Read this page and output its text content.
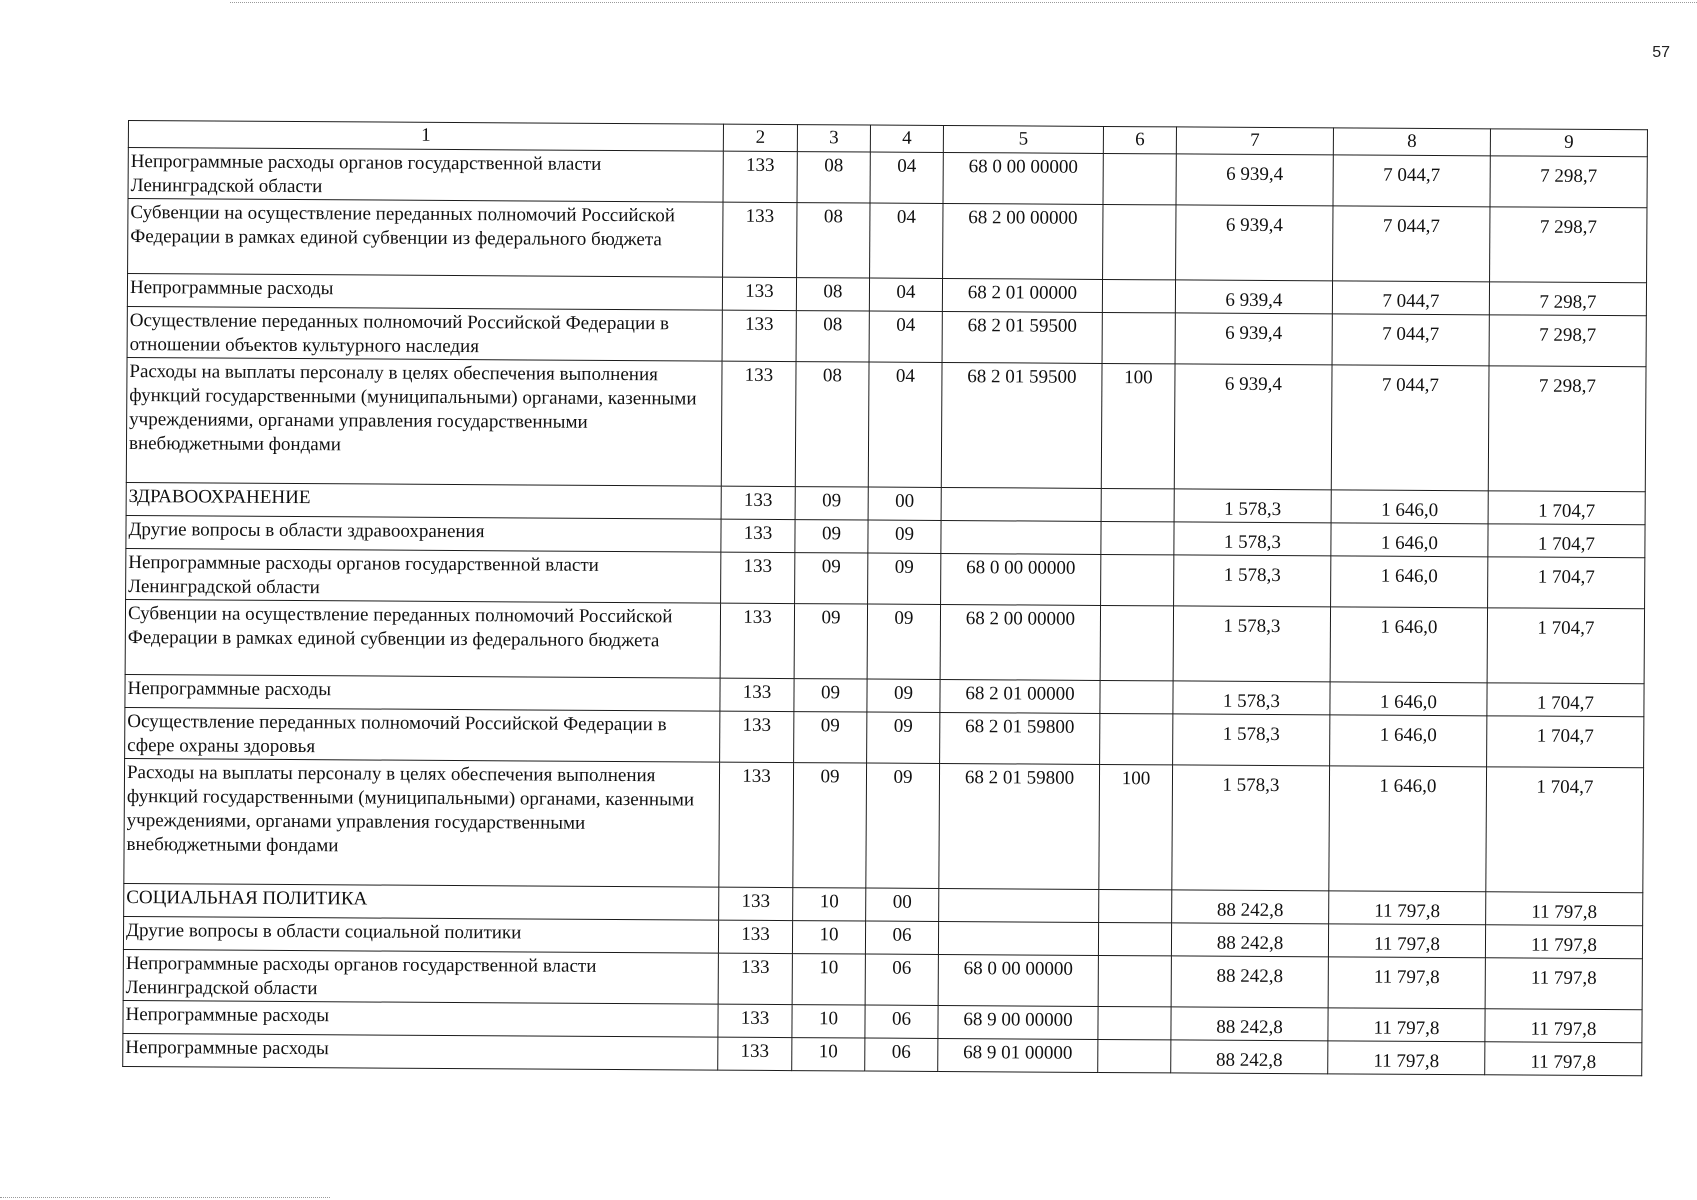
57
1	2	3	4	5	6	7	8	9
Непрограммные расходы органов государственной власти Ленинградской области	133	08	04	68 0 00 00000		6 939,4	7 044,7	7 298,7
Субвенции на осуществление переданных полномочий Российской Федерации в рамках единой субвенции из федерального бюджета	133	08	04	68 2 00 00000		6 939,4	7 044,7	7 298,7
Непрограммные расходы	133	08	04	68 2 01 00000		6 939,4	7 044,7	7 298,7
Осуществление переданных полномочий Российской Федерации в отношении объектов культурного наследия	133	08	04	68 2 01 59500		6 939,4	7 044,7	7 298,7
Расходы на выплаты персоналу в целях обеспечения выполнения функций государственными (муниципальными) органами, казенными учреждениями, органами управления государственными внебюджетными фондами	133	08	04	68 2 01 59500	100	6 939,4	7 044,7	7 298,7
ЗДРАВООХРАНЕНИЕ	133	09	00			1 578,3	1 646,0	1 704,7
Другие вопросы в области здравоохранения	133	09	09			1 578,3	1 646,0	1 704,7
Непрограммные расходы органов государственной власти Ленинградской области	133	09	09	68 0 00 00000		1 578,3	1 646,0	1 704,7
Субвенции на осуществление переданных полномочий Российской Федерации в рамках единой субвенции из федерального бюджета	133	09	09	68 2 00 00000		1 578,3	1 646,0	1 704,7
Непрограммные расходы	133	09	09	68 2 01 00000		1 578,3	1 646,0	1 704,7
Осуществление переданных полномочий Российской Федерации в сфере охраны здоровья	133	09	09	68 2 01 59800		1 578,3	1 646,0	1 704,7
Расходы на выплаты персоналу в целях обеспечения выполнения функций государственными (муниципальными) органами, казенными учреждениями, органами управления государственными внебюджетными фондами	133	09	09	68 2 01 59800	100	1 578,3	1 646,0	1 704,7
СОЦИАЛЬНАЯ ПОЛИТИКА	133	10	00			88 242,8	11 797,8	11 797,8
Другие вопросы в области социальной политики	133	10	06			88 242,8	11 797,8	11 797,8
Непрограммные расходы органов государственной власти Ленинградской области	133	10	06	68 0 00 00000		88 242,8	11 797,8	11 797,8
Непрограммные расходы	133	10	06	68 9 00 00000		88 242,8	11 797,8	11 797,8
Непрограммные расходы	133	10	06	68 9 01 00000		88 242,8	11 797,8	11 797,8
